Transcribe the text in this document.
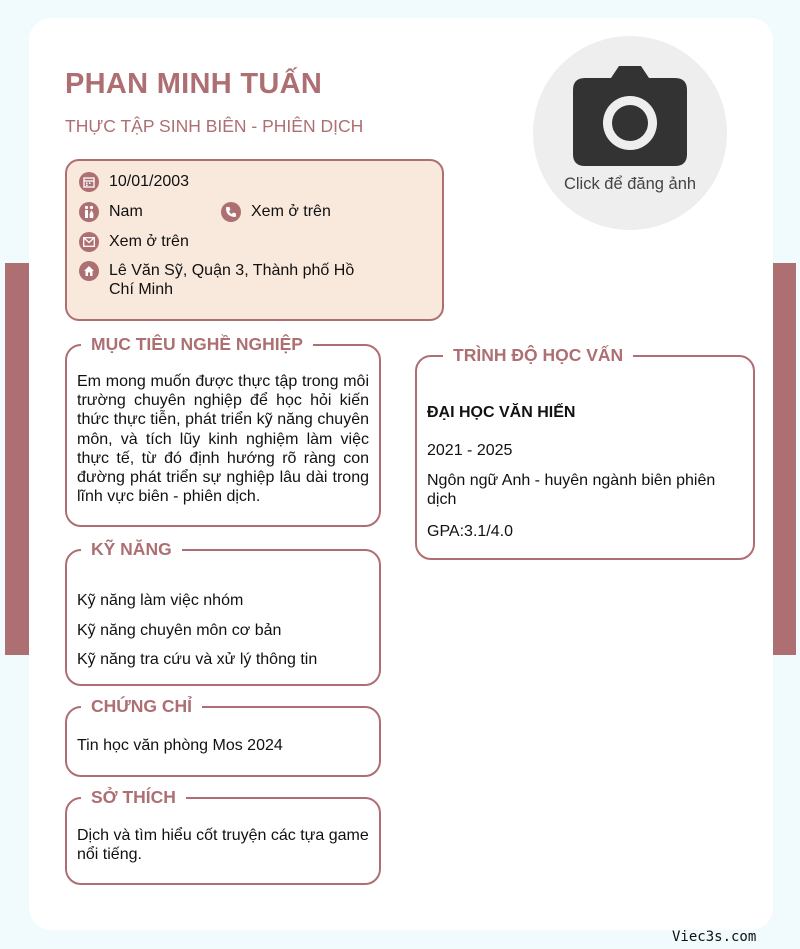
PHAN MINH TUẤN
THỰC TẬP SINH BIÊN - PHIÊN DỊCH
Click để đăng ảnh
10/01/2003
Nam	Xem ở trên
Xem ở trên
Lê Văn Sỹ, Quận 3, Thành phố Hồ Chí Minh
MỤC TIÊU NGHỀ NGHIỆP
Em mong muốn được thực tập trong môi trường chuyên nghiệp để học hỏi kiến thức thực tiễn, phát triển kỹ năng chuyên môn, và tích lũy kinh nghiệm làm việc thực tế, từ đó định hướng rõ ràng con đường phát triển sự nghiệp lâu dài trong lĩnh vực biên - phiên dịch.
KỸ NĂNG
Kỹ năng làm việc nhóm
Kỹ năng chuyên môn cơ bản
Kỹ năng tra cứu và xử lý thông tin
CHỨNG CHỈ
Tin học văn phòng Mos 2024
SỞ THÍCH
Dịch và tìm hiểu cốt truyện các tựa game nổi tiếng.
TRÌNH ĐỘ HỌC VẤN
ĐẠI HỌC VĂN HIẾN
2021 - 2025
Ngôn ngữ Anh - huyên ngành biên phiên dịch
GPA:3.1/4.0
Viec3s.com
